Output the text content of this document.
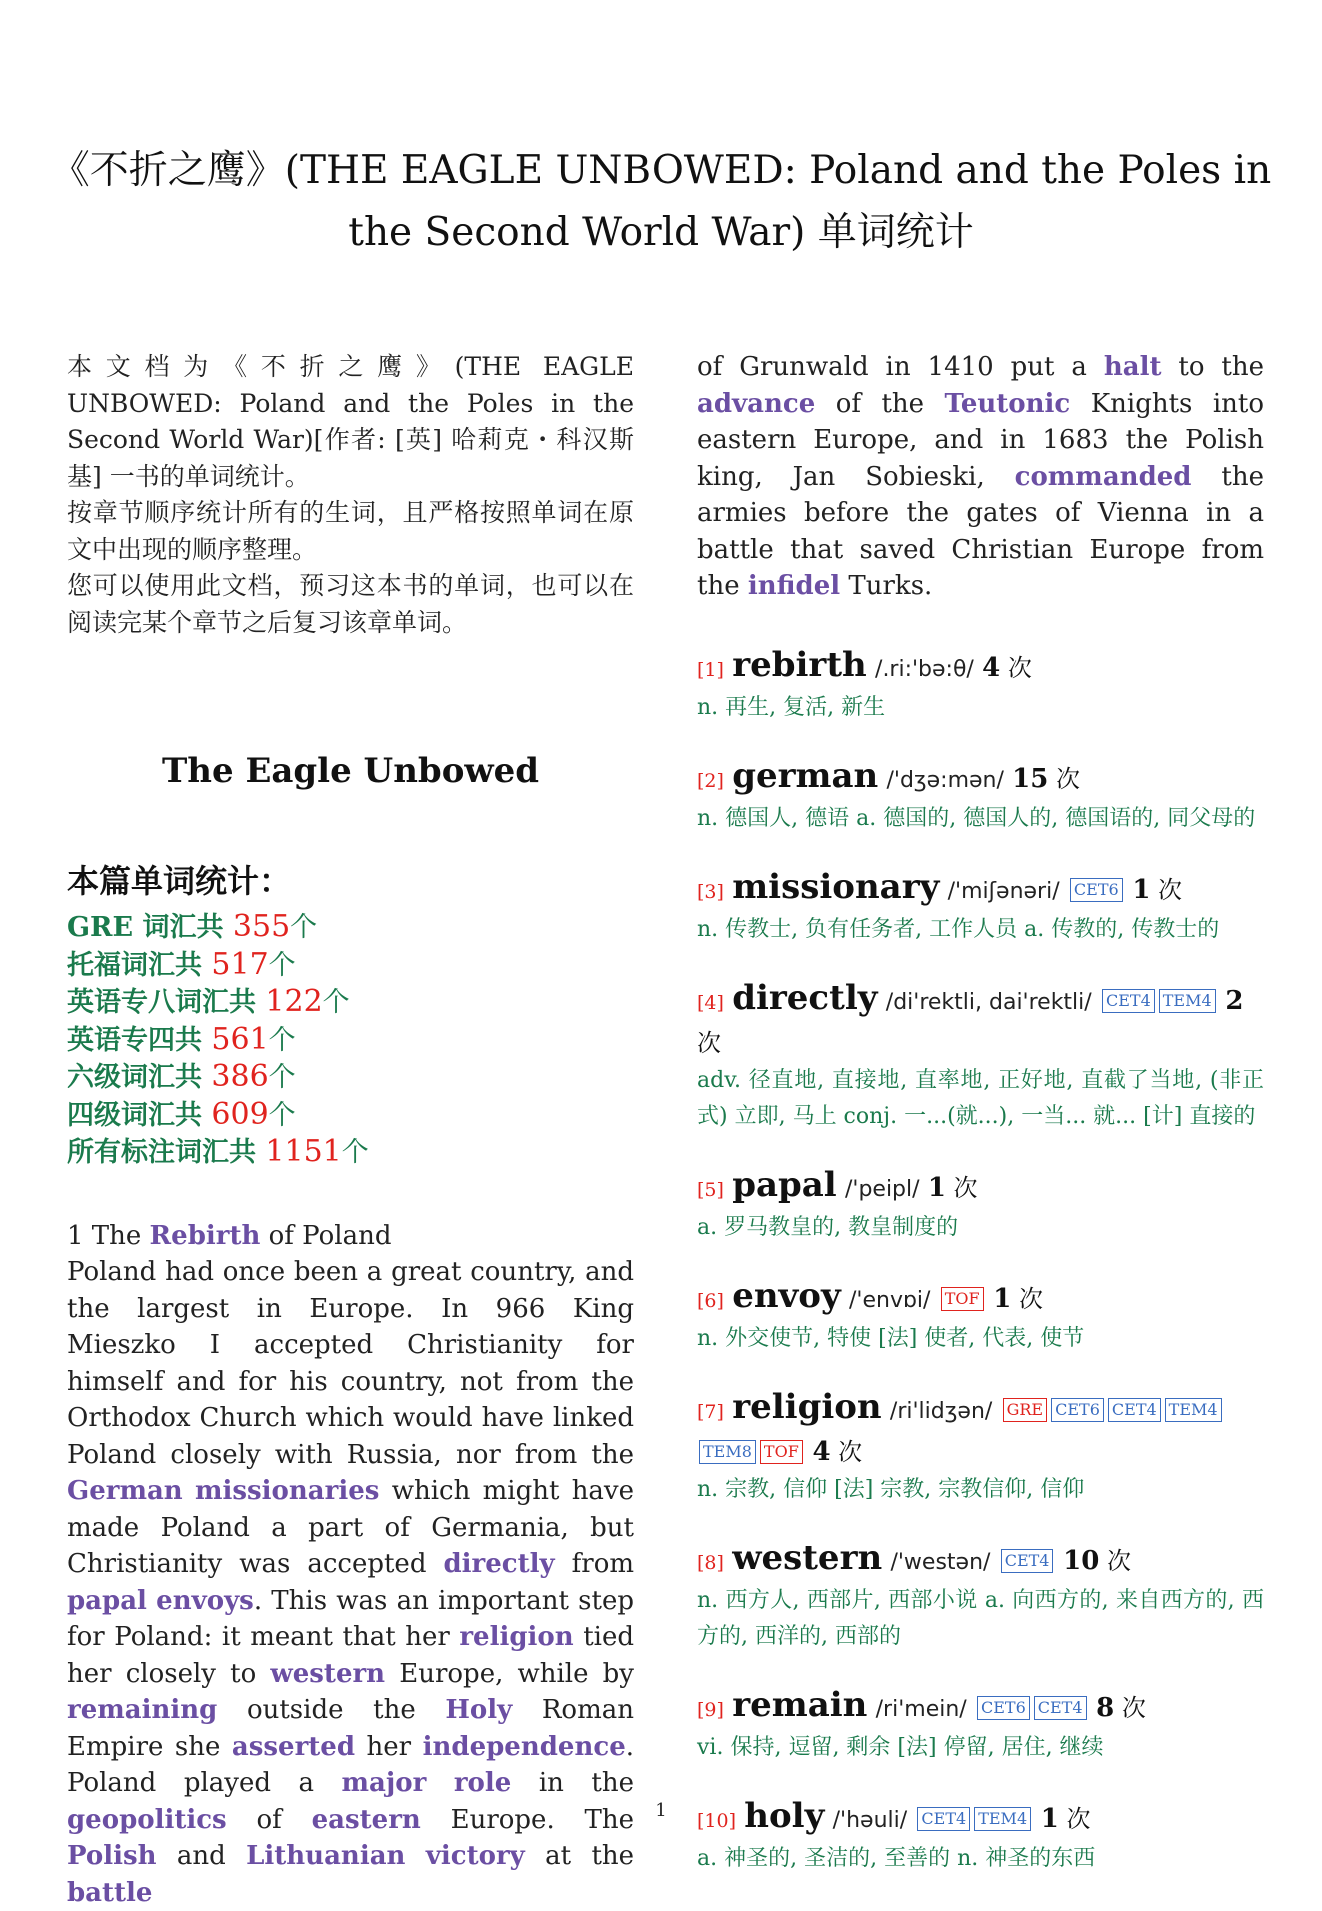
《不折之鹰》(THE EAGLE UNBOWED: Poland and the Poles in the Second World War) 单词统计

本文档为《不折之鹰》(THE EAGLE UNBOWED: Poland and the Poles in the Second World War)[作者: [英] 哈莉克・科汉斯基] 一书的单词统计。

按章节顺序统计所有的生词，且严格按照单词在原文中出现的顺序整理。

您可以使用此文档，预习这本书的单词，也可以在阅读完某个章节之后复习该章单词。

The Eagle Unbowed
本篇单词统计：
GRE 词汇共 355个
托福词汇共 517个
英语专八词汇共 122个
英语专四共 561个
六级词汇共 386个
四级词汇共 609个
所有标注词汇共 1151个
1 The Rebirth of Poland

Poland had once been a great country, and the largest in Europe. In 966 King Mieszko I accepted Christianity for himself and for his country, not from the Orthodox Church which would have linked Poland closely with Russia, nor from the German missionaries which might have made Poland a part of Germania, but Christianity was accepted directly from papal envoys. This was an important step for Poland: it meant that her religion tied her closely to western Europe, while by remaining outside the Holy Roman Empire she asserted her independence. Poland played a major role in the geopolitics of eastern Europe. The Polish and Lithuanian victory at the battle

of Grunwald in 1410 put a halt to the advance of the Teutonic Knights into eastern Europe, and in 1683 the Polish king, Jan Sobieski, commanded the armies before the gates of Vienna in a battle that saved Christian Europe from the infidel Turks.

[1] rebirth /.ri:'bə:θ/ 4 次
n. 再生, 复活, 新生
[2] german /'dʒə:mən/ 15 次
n. 德国人, 德语 a. 德国的, 德国人的, 德国语的, 同父母的
[3] missionary /'miʃənəri/ CET6 1 次
n. 传教士, 负有任务者, 工作人员 a. 传教的, 传教士的
[4] directly /di'rektli, dai'rektli/ CET4 TEM4 2 次
adv. 径直地, 直接地, 直率地, 正好地, 直截了当地, (非正式) 立即, 马上 conj. 一...(就...), 一当... 就... [计] 直接的
[5] papal /'peipl/ 1 次
a. 罗马教皇的, 教皇制度的
[6] envoy /'envɒi/ TOF 1 次
n. 外交使节, 特使 [法] 使者, 代表, 使节
[7] religion /ri'lidʒən/ GRE CET6 CET4 TEM4TEM8 TOF 4 次
n. 宗教, 信仰 [法] 宗教, 宗教信仰, 信仰
[8] western /'westən/ CET4 10 次
n. 西方人, 西部片, 西部小说 a. 向西方的, 来自西方的, 西方的, 西洋的, 西部的
[9] remain /ri'mein/ CET6 CET4 8 次
vi. 保持, 逗留, 剩余 [法] 停留, 居住, 继续
[10] holy /'həuli/ CET4 TEM4 1 次
a. 神圣的, 圣洁的, 至善的 n. 神圣的东西
1
